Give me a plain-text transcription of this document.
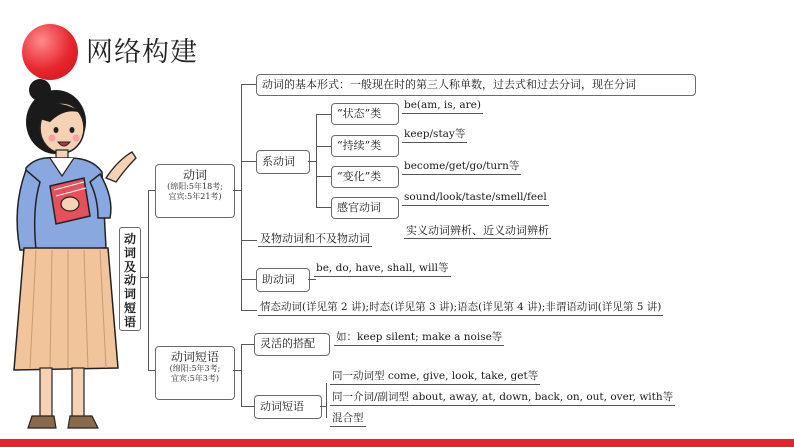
网络构建
动
词
及
动
词
短
语
动词
(绵阳:5年18考;
宜宾:5年21考)
动词的基本形式：一般现在时的第三人称单数，过去式和过去分词，现在分词
系动词
“状态”类
be(am, is, are)
“持续”类
keep/stay等
“变化”类
become/get/go/turn等
感官动词
sound/look/taste/smell/feel
及物动词和不及物动词
实义动词辨析、近义动词辨析
助动词
be, do, have, shall, will等
情态动词(详见第 2 讲);时态(详见第 3 讲);语态(详见第 4 讲);非谓语动词(详见第 5 讲)
动词短语
(绵阳:5年3考;
宜宾:5年3考)
灵活的搭配	如：keep silent; make a noise等
动词短语
同一动词型 come, give, look, take, get等
同一介词/副词型 about, away, at, down, back, on, out, over, with等
混合型
